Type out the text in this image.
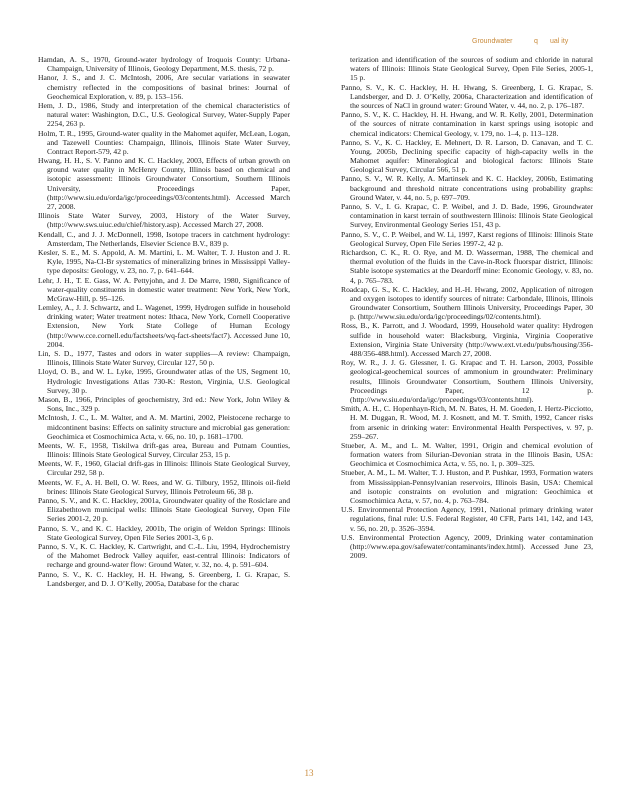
Groundwater	q ual ity

Hamdan, A. S., 1970, Ground-water hydrology of Iroquois County: Urbana-Champaign, University of Illinois, Geology Department, M.S. thesis, 72 p.

Hanor, J. S., and J. C. McIntosh, 2006, Are secular variations in seawater chemistry reflected in the compositions of basinal brines: Journal of Geochemical Exploration, v. 89, p. 153–156.

Hem, J. D., 1986, Study and interpretation of the chemical characteristics of natural water: Washington, D.C., U.S. Geological Survey, Water-Supply Paper 2254, 263 p.

Holm, T. R., 1995, Ground-water quality in the Mahomet aquifer, McLean, Logan, and Tazewell Counties: Champaign, Illinois, Illinois State Water Survey, Contract Report-579, 42 p.

Hwang, H. H., S. V. Panno and K. C. Hackley, 2003, Effects of urban growth on ground water quality in McHenry County, Illinois based on chemical and isotopic assessment: Illinois Groundwater Consortium, Southern Illinois University, Proceedings Paper, (http://www.siu.edu/orda/igc/proceedings/03/contents.html). Accessed March 27, 2008.

Illinois State Water Survey, 2003, History of the Water Survey, (http://www.sws.uiuc.edu/chief/history.asp). Accessed March 27, 2008.

Kendall, C., and J. J. McDonnell, 1998, Isotope tracers in catchment hydrology: Amsterdam, The Netherlands, Elsevier Science B.V., 839 p.

Kesler, S. E., M. S. Appold, A. M. Martini, L. M. Walter, T. J. Huston and J. R. Kyle, 1995, Na-Cl-Br systematics of mineralizing brines in Mississippi Valley-type deposits: Geology, v. 23, no. 7, p. 641–644.

Lehr, J. H., T. E. Gass, W. A. Pettyjohn, and J. De Marre, 1980, Significance of water-quality constituents in domestic water treatment: New York, New York, McGraw-Hill, p. 95–126.

Lemley, A., J. J. Schwartz, and L. Wagenet, 1999, Hydrogen sulfide in household drinking water; Water treatment notes: Ithaca, New York, Cornell Cooperative Extension, New York State College of Human Ecology (http://www.cce.cornell.edu/factsheets/wq-fact-sheets/fact7). Accessed June 10, 2004.

Lin, S. D., 1977, Tastes and odors in water supplies—A review: Champaign, Illinois, Illinois State Water Survey, Circular 127, 50 p.

Lloyd, O. B., and W. L. Lyke, 1995, Groundwater atlas of the US, Segment 10, Hydrologic Investigations Atlas 730-K: Reston, Virginia, U.S. Geological Survey, 30 p.

Mason, B., 1966, Principles of geochemistry, 3rd ed.: New York, John Wiley & Sons, Inc., 329 p.

McIntosh, J. C., L. M. Walter, and A. M. Martini, 2002, Pleistocene recharge to midcontinent basins: Effects on salinity structure and microbial gas generation: Geochimica et Cosmochimica Acta, v. 66, no. 10, p. 1681–1700.

Meents, W. F., 1958, Tiskilwa drift-gas area, Bureau and Putnam Counties, Illinois: Illinois State Geological Survey, Circular 253, 15 p.

Meents, W. F., 1960, Glacial drift-gas in Illinois: Illinois State Geological Survey, Circular 292, 58 p.

Meents, W. F., A. H. Bell, O. W. Rees, and W. G. Tilbury, 1952, Illinois oil-field brines: Illinois State Geological Survey, Illinois Petroleum 66, 38 p.

Panno, S. V., and K. C. Hackley, 2001a, Groundwater quality of the Rosiclare and Elizabethtown municipal wells: Illinois State Geological Survey, Open File Series 2001-2, 20 p.

Panno, S. V., and K. C. Hackley, 2001b, The origin of Weldon Springs: Illinois State Geological Survey, Open File Series 2001-3, 6 p.

Panno, S. V., K. C. Hackley, K. Cartwright, and C.-L. Liu, 1994, Hydrochemistry of the Mahomet Bedrock Valley aquifer, east-central Illinois: Indicators of recharge and ground-water flow: Ground Water, v. 32, no. 4, p. 591–604.

Panno, S. V., K. C. Hackley, H. H. Hwang, S. Greenberg, I. G. Krapac, S. Landsberger, and D. J. O’Kelly, 2005a, Database for the charac

terization and identification of the sources of sodium and chloride in natural waters of Illinois: Illinois State Geological Survey, Open File Series, 2005-1, 15 p.

Panno, S. V., K. C. Hackley, H. H. Hwang, S. Greenberg, I. G. Krapac, S. Landsberger, and D. J. O’Kelly, 2006a, Characterization and identification of the sources of NaCl in ground water: Ground Water, v. 44, no. 2, p. 176–187.

Panno, S. V., K. C. Hackley, H. H. Hwang, and W. R. Kelly, 2001, Determination of the sources of nitrate contamination in karst springs using isotopic and chemical indicators: Chemical Geology, v. 179, no. 1–4, p. 113–128.

Panno, S. V., K. C. Hackley, E. Mehnert, D. R. Larson, D. Canavan, and T. C. Young, 2005b, Declining specific capacity of high-capacity wells in the Mahomet aquifer: Mineralogical and biological factors: Illinois State Geological Survey, Circular 566, 51 p.

Panno, S. V., W. R. Kelly, A. Martinsek and K. C. Hackley, 2006b, Estimating background and threshold nitrate concentrations using probability graphs: Ground Water, v. 44, no. 5, p. 697–709.

Panno, S. V., I. G. Krapac, C. P. Weibel, and J. D. Bade, 1996, Groundwater contamination in karst terrain of southwestern Illinois: Illinois State Geological Survey, Environmental Geology Series 151, 43 p.

Panno, S. V., C. P. Weibel, and W. Li, 1997, Karst regions of Illinois: Illinois State Geological Survey, Open File Series 1997-2, 42 p.

Richardson, C. K., R. O. Rye, and M. D. Wasserman, 1988, The chemical and thermal evolution of the fluids in the Cave-in-Rock fluorspar district, Illinois: Stable isotope systematics at the Deardorff mine: Economic Geology, v. 83, no. 4, p. 765–783.

Roadcap, G. S., K. C. Hackley, and H.-H. Hwang, 2002, Application of nitrogen and oxygen isotopes to identify sources of nitrate: Carbondale, Illinois, Illinois Groundwater Consortium, Southern Illinois University, Proceedings Paper, 30 p. (http://www.siu.edu/orda/igc/proceedings/02/contents.html).

Ross, B., K. Parrott, and J. Woodard, 1999, Household water quality: Hydrogen sulfide in household water: Blacksburg, Virginia, Virginia Cooperative Extension, Virginia State University (http://www.ext.vt.edu/pubs/housing/356-488/356-488.html). Accessed March 27, 2008.

Roy, W. R., J. J. G. Glessner, I. G. Krapac and T. H. Larson, 2003, Possible geological-geochemical sources of ammonium in groundwater: Preliminary results, Illinois Groundwater Consortium, Southern Illinois University, Proceedings Paper, 12 p. (http://www.siu.edu/orda/igc/proceedings/03/contents.html).

Smith, A. H., C. Hopenhayn-Rich, M. N. Bates, H. M. Goeden, I. Hertz-Picciotto, H. M. Duggan, R. Wood, M. J. Kosnett, and M. T. Smith, 1992, Cancer risks from arsenic in drinking water: Environmental Health Perspectives, v. 97, p. 259–267.

Stueber, A. M., and L. M. Walter, 1991, Origin and chemical evolution of formation waters from Silurian-Devonian strata in the Illinois Basin, USA: Geochimica et Cosmochimica Acta, v. 55, no. 1, p. 309–325.

Stueber, A. M., L. M. Walter, T. J. Huston, and P. Pushkar, 1993, Formation waters from Mississippian-Pennsylvanian reservoirs, Illinois Basin, USA: Chemical and isotopic constraints on evolution and migration: Geochimica et Cosmochimica Acta, v. 57, no. 4, p. 763–784.

U.S. Environmental Protection Agency, 1991, National primary drinking water regulations, final rule: U.S. Federal Register, 40 CFR, Parts 141, 142, and 143, v. 56, no. 20, p. 3526–3594.

U.S. Environmental Protection Agency, 2009, Drinking water contamination (http://www.epa.gov/safewater/contaminants/index.html). Accessed June 23, 2009.

13
